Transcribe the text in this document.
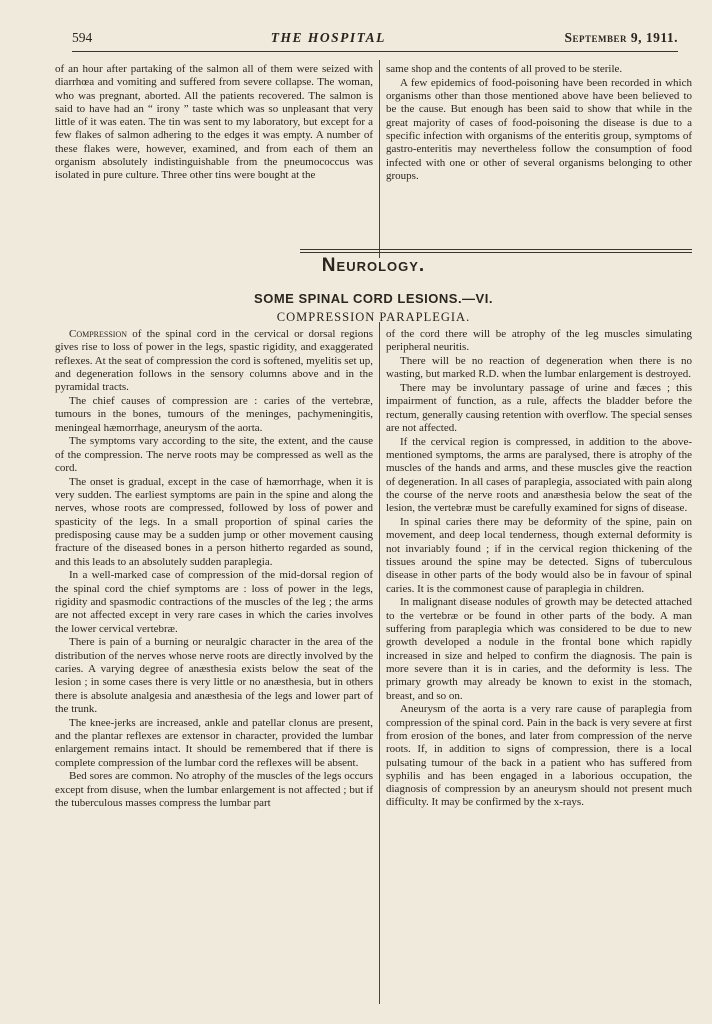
594	THE HOSPITAL	September 9, 1911.

of an hour after partaking of the salmon all of them were seized with diarrhœa and vomiting and suffered from severe collapse. The woman, who was pregnant, aborted. All the patients recovered. The salmon is said to have had an “ irony ” taste which was so unpleasant that very little of it was eaten. The tin was sent to my laboratory, but except for a few flakes of salmon adhering to the edges it was empty. A number of these flakes were, however, examined, and from each of them an organism absolutely indistinguishable from the pneumococcus was isolated in pure culture. Three other tins were bought at the

same shop and the contents of all proved to be sterile.

A few epidemics of food-poisoning have been recorded in which organisms other than those mentioned above have been believed to be the cause. But enough has been said to show that while in the great majority of cases of food-poisoning the disease is due to a specific infection with organisms of the enteritis group, symptoms of gastro-enteritis may nevertheless follow the consumption of food infected with one or other of several organisms belonging to other groups.

Neurology.
SOME SPINAL CORD LESIONS.—VI.
COMPRESSION PARAPLEGIA.

Compression of the spinal cord in the cervical or dorsal regions gives rise to loss of power in the legs, spastic rigidity, and exaggerated reflexes. At the seat of compression the cord is softened, myelitis set up, and degeneration follows in the sensory columns above and in the pyramidal tracts.

The chief causes of compression are : caries of the vertebræ, tumours in the bones, tumours of the meninges, pachymeningitis, meningeal hæmorrhage, aneurysm of the aorta.

The symptoms vary according to the site, the extent, and the cause of the compression. The nerve roots may be compressed as well as the cord.

The onset is gradual, except in the case of hæmorrhage, when it is very sudden. The earliest symptoms are pain in the spine and along the nerves, whose roots are compressed, followed by loss of power and spasticity of the legs. In a small proportion of spinal caries the predisposing cause may be a sudden jump or other movement causing fracture of the diseased bones in a person hitherto regarded as sound, and this leads to an absolutely sudden paraplegia.

In a well-marked case of compression of the mid-dorsal region of the spinal cord the chief symptoms are : loss of power in the legs, rigidity and spasmodic contractions of the muscles of the leg ; the arms are not affected except in very rare cases in which the caries involves the lower cervical vertebræ.

There is pain of a burning or neuralgic character in the area of the distribution of the nerves whose nerve roots are directly involved by the caries. A varying degree of anæsthesia exists below the seat of the lesion ; in some cases there is very little or no anæsthesia, but in others there is absolute analgesia and anæsthesia of the legs and lower part of the trunk.

The knee-jerks are increased, ankle and patellar clonus are present, and the plantar reflexes are extensor in character, provided the lumbar enlargement remains intact. It should be remembered that if there is complete compression of the lumbar cord the reflexes will be absent.

Bed sores are common. No atrophy of the muscles of the legs occurs except from disuse, when the lumbar enlargement is not affected ; but if the tuberculous masses compress the lumbar part

of the cord there will be atrophy of the leg muscles simulating peripheral neuritis.

There will be no reaction of degeneration when there is no wasting, but marked R.D. when the lumbar enlargement is destroyed.

There may be involuntary passage of urine and fæces ; this impairment of function, as a rule, affects the bladder before the rectum, generally causing retention with overflow. The special senses are not affected.

If the cervical region is compressed, in addition to the above-mentioned symptoms, the arms are paralysed, there is atrophy of the muscles of the hands and arms, and these muscles give the reaction of degeneration. In all cases of paraplegia, associated with pain along the course of the nerve roots and anæsthesia below the seat of the lesion, the vertebræ must be carefully examined for signs of disease.

In spinal caries there may be deformity of the spine, pain on movement, and deep local tenderness, though external deformity is not invariably found ; if in the cervical region thickening of the tissues around the spine may be detected. Signs of tuberculous disease in other parts of the body would also be in favour of spinal caries. It is the commonest cause of paraplegia in children.

In malignant disease nodules of growth may be detected attached to the vertebræ or be found in other parts of the body. A man suffering from paraplegia which was considered to be due to new growth developed a nodule in the frontal bone which rapidly increased in size and helped to confirm the diagnosis. The pain is more severe than it is in caries, and the deformity is less. The primary growth may already be known to exist in the stomach, breast, and so on.

Aneurysm of the aorta is a very rare cause of paraplegia from compression of the spinal cord. Pain in the back is very severe at first from erosion of the bones, and later from compression of the nerve roots. If, in addition to signs of compression, there is a local pulsating tumour of the back in a patient who has suffered from syphilis and has been engaged in a laborious occupation, the diagnosis of compression by an aneurysm should not present much difficulty. It may be confirmed by the x-rays.
